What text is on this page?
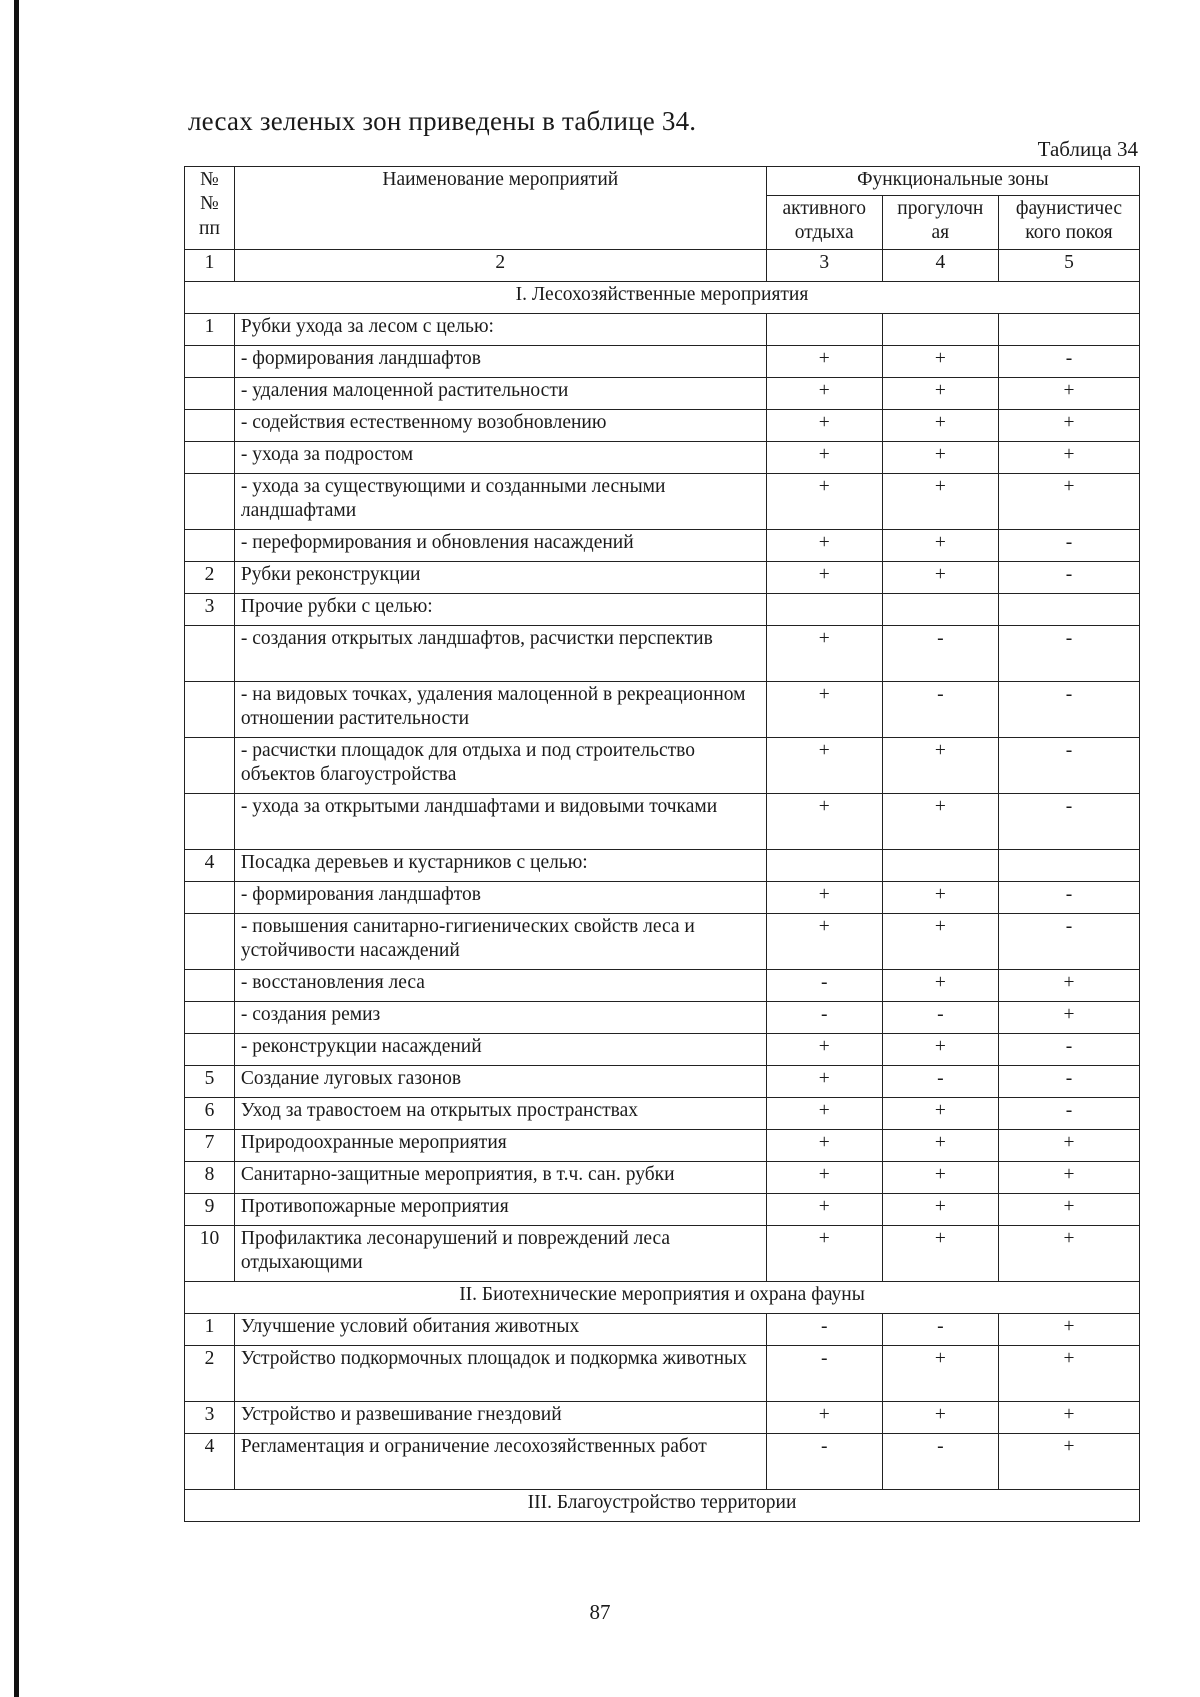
лесах зеленых зон приведены в таблице 34.
Таблица 34
№ № пп	Наименование мероприятий	Функциональные зоны		
		активного отдыха	прогулочн ая	фаунистичес кого покоя
1	2	3	4	5
I. Лесохозяйственные мероприятия				
1	Рубки ухода за лесом с целью:			
	- формирования ландшафтов	+	+	-
	- удаления малоценной растительности	+	+	+
	- содействия естественному возобновлению	+	+	+
	- ухода за подростом	+	+	+
	- ухода за существующими и созданными лесными ландшафтами	+	+	+
	- переформирования и обновления насаждений	+	+	-
2	Рубки реконструкции	+	+	-
3	Прочие рубки с целью:			
	- создания открытых ландшафтов, расчистки перспектив	+	-	-
	- на видовых точках, удаления малоценной в рекреационном отношении растительности	+	-	-
	- расчистки площадок для отдыха и под строительство объектов благоустройства	+	+	-
	- ухода за открытыми ландшафтами и видовыми точками	+	+	-
4	Посадка деревьев и кустарников с целью:			
	- формирования ландшафтов	+	+	-
	- повышения санитарно-гигиенических свойств леса и устойчивости насаждений	+	+	-
	- восстановления леса	-	+	+
	- создания ремиз	-	-	+
	- реконструкции насаждений	+	+	-
5	Создание луговых газонов	+	-	-
6	Уход за травостоем на открытых пространствах	+	+	-
7	Природоохранные мероприятия	+	+	+
8	Санитарно-защитные мероприятия, в т.ч. сан. рубки	+	+	+
9	Противопожарные мероприятия	+	+	+
10	Профилактика лесонарушений и повреждений леса отдыхающими	+	+	+
II. Биотехнические мероприятия и охрана фауны				
1	Улучшение условий обитания животных	-	-	+
2	Устройство подкормочных площадок и подкормка животных	-	+	+
3	Устройство и развешивание гнездовий	+	+	+
4	Регламентация и ограничение лесохозяйственных работ	-	-	+
III. Благоустройство территории				
87
